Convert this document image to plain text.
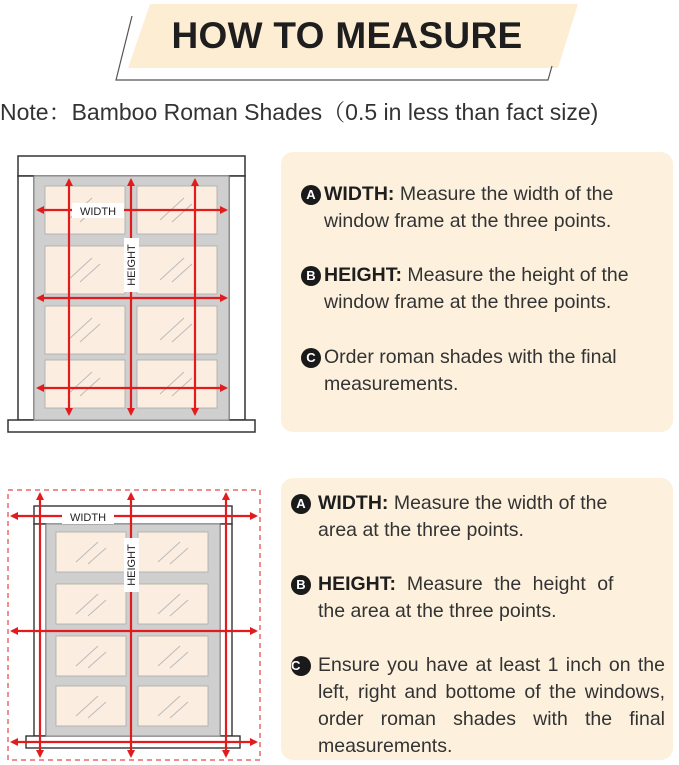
HOW TO MEASURE
Note：Bamboo Roman Shades（0.5 in less than fact size)
WIDTH
HEIGHT
A WIDTH: Measure the width of the
window frame at the three points.
B HEIGHT: Measure the height of the
window frame at the three points.
C Order roman shades with the final
measurements.
WIDTH
HEIGHT
A WIDTH: Measure the width of the
area at the three points.
B HEIGHT: Measure the height of
the area at the three points.
C Ensure you have at least 1 inch on the left, right and bottome of the windows, order roman shades with the final measurements.
